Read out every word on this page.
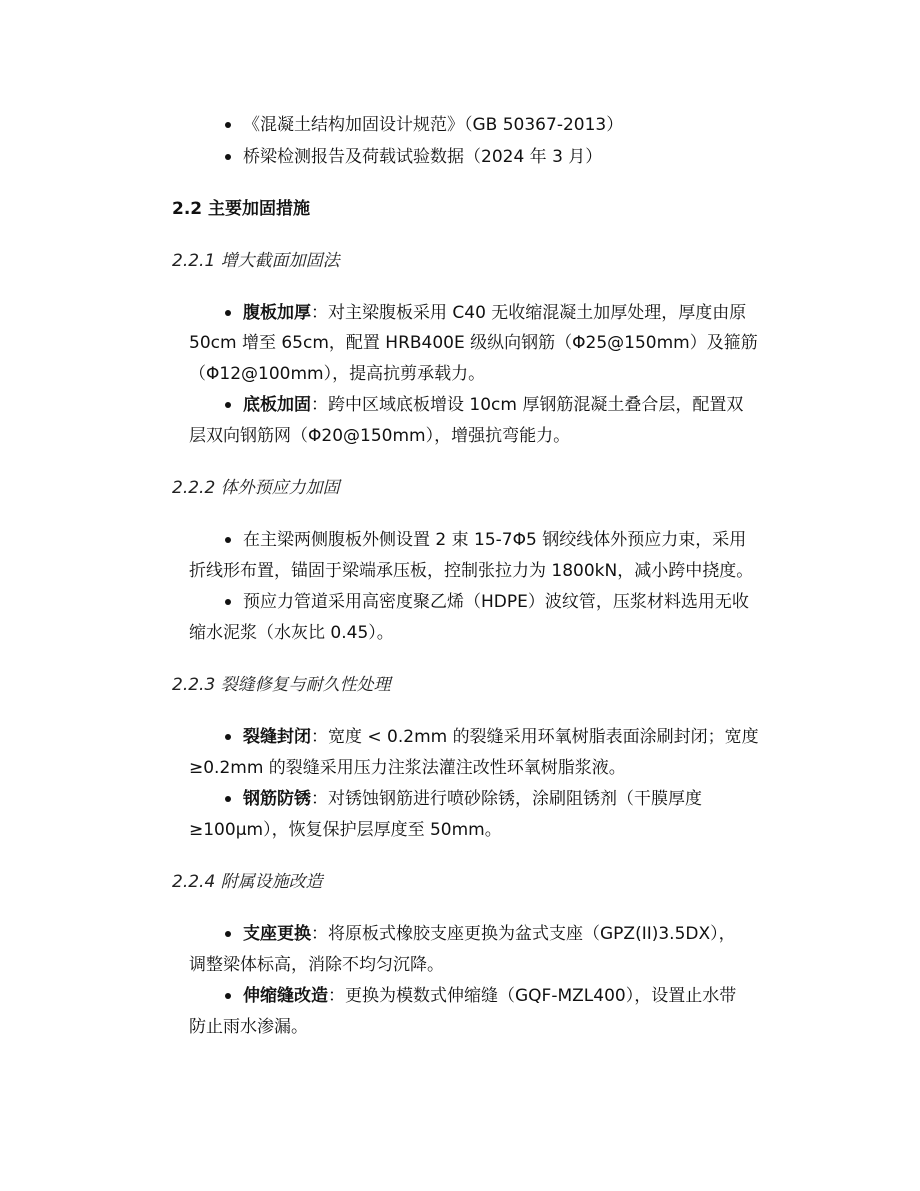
《混凝土结构加固设计规范》（GB 50367-2013）
桥梁检测报告及荷载试验数据（2024 年 3 月）
2.2 主要加固措施
2.2.1 增大截面加固法
腹板加厚：对主梁腹板采用 C40 无收缩混凝土加厚处理，厚度由原
50cm 增至 65cm，配置 HRB400E 级纵向钢筋（Φ25@150mm）及箍筋
（Φ12@100mm），提高抗剪承载力。
底板加固：跨中区域底板增设 10cm 厚钢筋混凝土叠合层，配置双
层双向钢筋网（Φ20@150mm），增强抗弯能力。
2.2.2 体外预应力加固
在主梁两侧腹板外侧设置 2 束 15-7Φ5 钢绞线体外预应力束，采用
折线形布置，锚固于梁端承压板，控制张拉力为 1800kN，减小跨中挠度。
预应力管道采用高密度聚乙烯（HDPE）波纹管，压浆材料选用无收
缩水泥浆（水灰比 0.45）。
2.2.3 裂缝修复与耐久性处理
裂缝封闭：宽度 < 0.2mm 的裂缝采用环氧树脂表面涂刷封闭；宽度
≥0.2mm 的裂缝采用压力注浆法灌注改性环氧树脂浆液。
钢筋防锈：对锈蚀钢筋进行喷砂除锈，涂刷阻锈剂（干膜厚度
≥100μm），恢复保护层厚度至 50mm。
2.2.4 附属设施改造
支座更换：将原板式橡胶支座更换为盆式支座（GPZ(II)3.5DX），
调整梁体标高，消除不均匀沉降。
伸缩缝改造：更换为模数式伸缩缝（GQF-MZL400），设置止水带
防止雨水渗漏。
